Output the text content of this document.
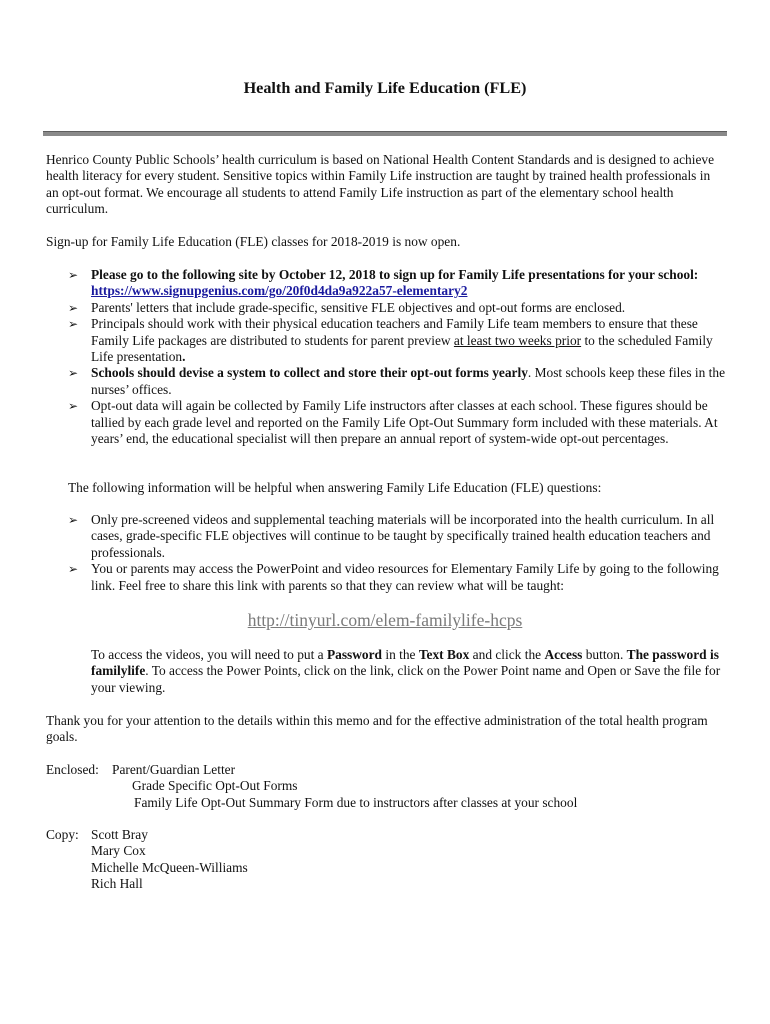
Health and Family Life Education (FLE)

Henrico County Public Schools’ health curriculum is based on National Health Content Standards and is designed to achieve health literacy for every student. Sensitive topics within Family Life instruction are taught by trained health professionals in an opt-out format. We encourage all students to attend Family Life instruction as part of the elementary school health curriculum.

Sign-up for Family Life Education (FLE) classes for 2018-2019 is now open.

➢ Please go to the following site by October 12, 2018 to sign up for Family Life presentations for your school: https://www.signupgenius.com/go/20f0d4da9a922a57-elementary2
➢ Parents' letters that include grade-specific, sensitive FLE objectives and opt-out forms are enclosed.
➢ Principals should work with their physical education teachers and Family Life team members to ensure that these Family Life packages are distributed to students for parent preview at least two weeks prior to the scheduled Family Life presentation.
➢ Schools should devise a system to collect and store their opt-out forms yearly. Most schools keep these files in the nurses’ offices.
➢ Opt-out data will again be collected by Family Life instructors after classes at each school. These figures should be tallied by each grade level and reported on the Family Life Opt-Out Summary form included with these materials. At years’ end, the educational specialist will then prepare an annual report of system-wide opt-out percentages.

The following information will be helpful when answering Family Life Education (FLE) questions:

➢ Only pre-screened videos and supplemental teaching materials will be incorporated into the health curriculum. In all cases, grade-specific FLE objectives will continue to be taught by specifically trained health education teachers and professionals.
➢ You or parents may access the PowerPoint and video resources for Elementary Family Life by going to the following link. Feel free to share this link with parents so that they can review what will be taught:
http://tinyurl.com/elem-familylife-hcps

To access the videos, you will need to put a Password in the Text Box and click the Access button. The password is familylife. To access the Power Points, click on the link, click on the Power Point name and Open or Save the file for your viewing.

Thank you for your attention to the details within this memo and for the effective administration of the total health program goals.

Enclosed: Parent/Guardian Letter
Grade Specific Opt-Out Forms
Family Life Opt-Out Summary Form due to instructors after classes at your school
Copy: Scott Bray
Mary Cox
Michelle McQueen-Williams
Rich Hall
